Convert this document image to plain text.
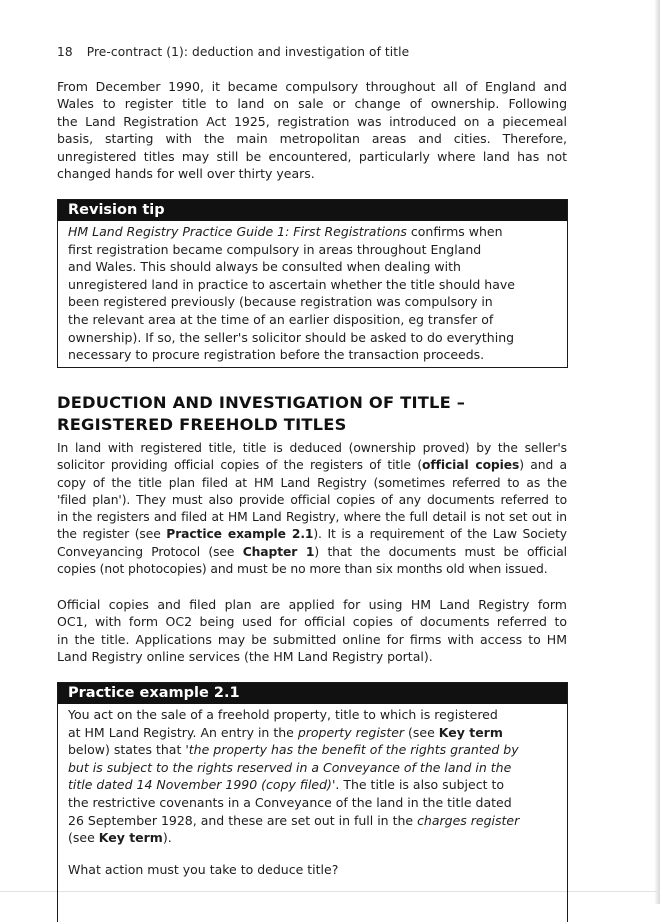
18 Pre-contract (1): deduction and investigation of title
From December 1990, it became compulsory throughout all of England and
Wales to register title to land on sale or change of ownership. Following
the Land Registration Act 1925, registration was introduced on a piecemeal
basis, starting with the main metropolitan areas and cities. Therefore,
unregistered titles may still be encountered, particularly where land has not
changed hands for well over thirty years.
Revision tip
HM Land Registry Practice Guide 1: First Registrations confirms when
first registration became compulsory in areas throughout England
and Wales. This should always be consulted when dealing with
unregistered land in practice to ascertain whether the title should have
been registered previously (because registration was compulsory in
the relevant area at the time of an earlier disposition, eg transfer of
ownership). If so, the seller's solicitor should be asked to do everything
necessary to procure registration before the transaction proceeds.
DEDUCTION AND INVESTIGATION OF TITLE –
REGISTERED FREEHOLD TITLES
In land with registered title, title is deduced (ownership proved) by the seller's
solicitor providing official copies of the registers of title (official copies) and a
copy of the title plan filed at HM Land Registry (sometimes referred to as the
'filed plan'). They must also provide official copies of any documents referred to
in the registers and filed at HM Land Registry, where the full detail is not set out in
the register (see Practice example 2.1). It is a requirement of the Law Society
Conveyancing Protocol (see Chapter 1) that the documents must be official
copies (not photocopies) and must be no more than six months old when issued.
Official copies and filed plan are applied for using HM Land Registry form
OC1, with form OC2 being used for official copies of documents referred to
in the title. Applications may be submitted online for firms with access to HM
Land Registry online services (the HM Land Registry portal).
Practice example 2.1
You act on the sale of a freehold property, title to which is registered
at HM Land Registry. An entry in the property register (see Key term
below) states that 'the property has the benefit of the rights granted by
but is subject to the rights reserved in a Conveyance of the land in the
title dated 14 November 1990 (copy filed)'. The title is also subject to
the restrictive covenants in a Conveyance of the land in the title dated
26 September 1928, and these are set out in full in the charges register
(see Key term).
What action must you take to deduce title?
